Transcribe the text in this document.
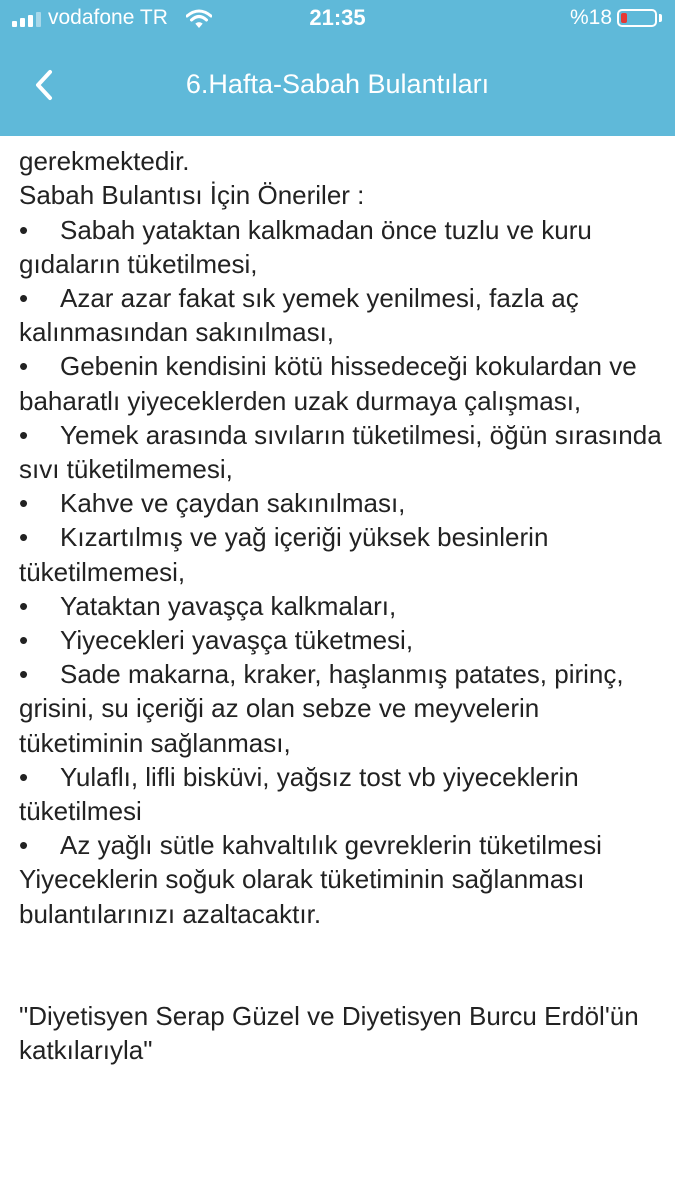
vodafone TR	21:35	%18
6.Hafta-Sabah Bulantıları

gerekmektedir.

Sabah Bulantısı İçin Öneriler :

• Sabah yataktan kalkmadan önce tuzlu ve kuru gıdaların tüketilmesi,

• Azar azar fakat sık yemek yenilmesi, fazla aç kalınmasından sakınılması,

• Gebenin kendisini kötü hissedeceği kokulardan ve baharatlı yiyeceklerden uzak durmaya çalışması,

• Yemek arasında sıvıların tüketilmesi, öğün sırasında sıvı tüketilmemesi,

• Kahve ve çaydan sakınılması,

• Kızartılmış ve yağ içeriği yüksek besinlerin tüketilmemesi,

• Yataktan yavaşça kalkmaları,

• Yiyecekleri yavaşça tüketmesi,

• Sade makarna, kraker, haşlanmış patates, pirinç, grisini, su içeriği az olan sebze ve meyvelerin tüketiminin sağlanması,

• Yulaflı, lifli bisküvi, yağsız tost vb yiyeceklerin tüketilmesi

• Az yağlı sütle kahvaltılık gevreklerin tüketilmesi

Yiyeceklerin soğuk olarak tüketiminin sağlanması bulantılarınızı azaltacaktır.

"Diyetisyen Serap Güzel ve Diyetisyen Burcu Erdöl'ün katkılarıyla"
